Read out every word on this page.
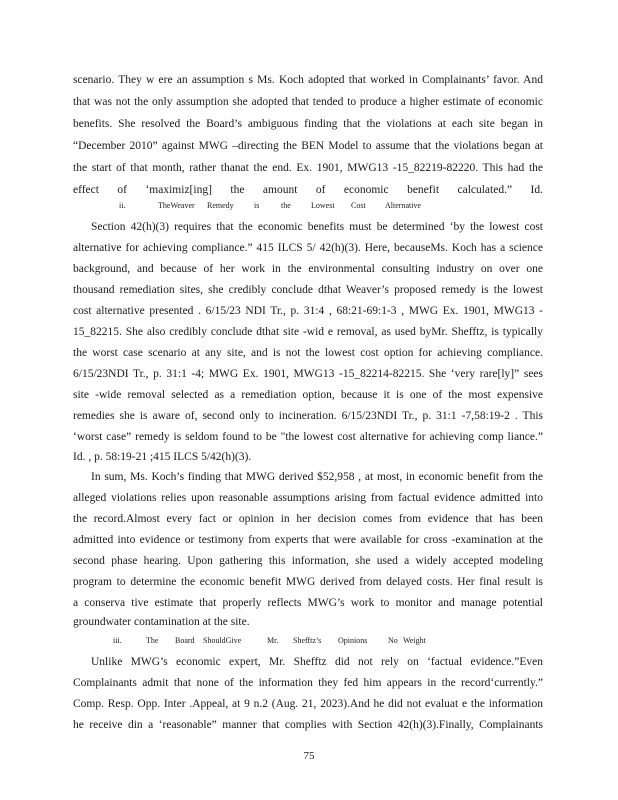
scenario. They w ere an assumption s Ms. Koch adopted that worked in Complainants’ favor. And
that was not the only assumption she adopted that tended to produce a higher estimate of economic
benefits. She resolved the Board’s ambiguous finding that the violations at each site began in
“December 2010” against MWG –directing the BEN Model to assume that the violations began at
the start of that month, rather thanat the end. Ex. 1901, MWG13 -15_82219-82220. This had the
effect of ‘maximiz[ing] the amount of economic benefit calculated.” Id.
ii.	TheWeaver Remedy	is	the	Lowest Cost Alternative
Section 42(h)(3) requires that the economic benefits must be determined ‘by the lowest cost
alternative for achieving compliance.” 415 ILCS 5/ 42(h)(3). Here, becauseMs. Koch has a science
background, and because of her work in the environmental consulting industry on over one
thousand remediation sites, she credibly conclude dthat Weaver’s proposed remedy is the lowest
cost alternative presented . 6/15/23 NDI Tr., p. 31:4 , 68:21-69:1-3 , MWG Ex. 1901, MWG13 -
15_82215. She also credibly conclude dthat site -wid e removal, as used byMr. Shefftz, is typically
the worst case scenario at any site, and is not the lowest cost option for achieving compliance.
6/15/23NDI Tr., p. 31:1 -4; MWG Ex. 1901, MWG13 -15_82214-82215. She ‘very rare[ly]” sees
site -wide removal selected as a remediation option, because it is one of the most expensive
remedies she is aware of, second only to incineration. 6/15/23NDI Tr., p. 31:1 -7,58:19-2 . This
‘worst case” remedy is seldom found to be "the lowest cost alternative for achieving comp liance.”
Id. , p. 58:19-21 ;415 ILCS 5/42(h)(3).
In sum, Ms. Koch’s finding that MWG derived $52,958 , at most, in economic benefit from the
alleged violations relies upon reasonable assumptions arising from factual evidence admitted into
the record.Almost every fact or opinion in her decision comes from evidence that has been
admitted into evidence or testimony from experts that were available for cross -examination at the
second phase hearing. Upon gathering this information, she used a widely accepted modeling
program to determine the economic benefit MWG derived from delayed costs. Her final result is
a conserva tive estimate that properly reflects MWG’s work to monitor and manage potential
groundwater contamination at the site.
iii.	The Board ShouldGive	Mr. Shefftz’s Opinions	No Weight
Unlike MWG’s economic expert, Mr. Shefftz did not rely on ‘factual evidence.”Even
Complainants admit that none of the information they fed him appears in the record‘currently.”
Comp. Resp. Opp. Inter .Appeal, at 9 n.2 (Aug. 21, 2023).And he did not evaluat e the information
he receive din a ‘reasonable” manner that complies with Section 42(h)(3).Finally, Complainants
75
